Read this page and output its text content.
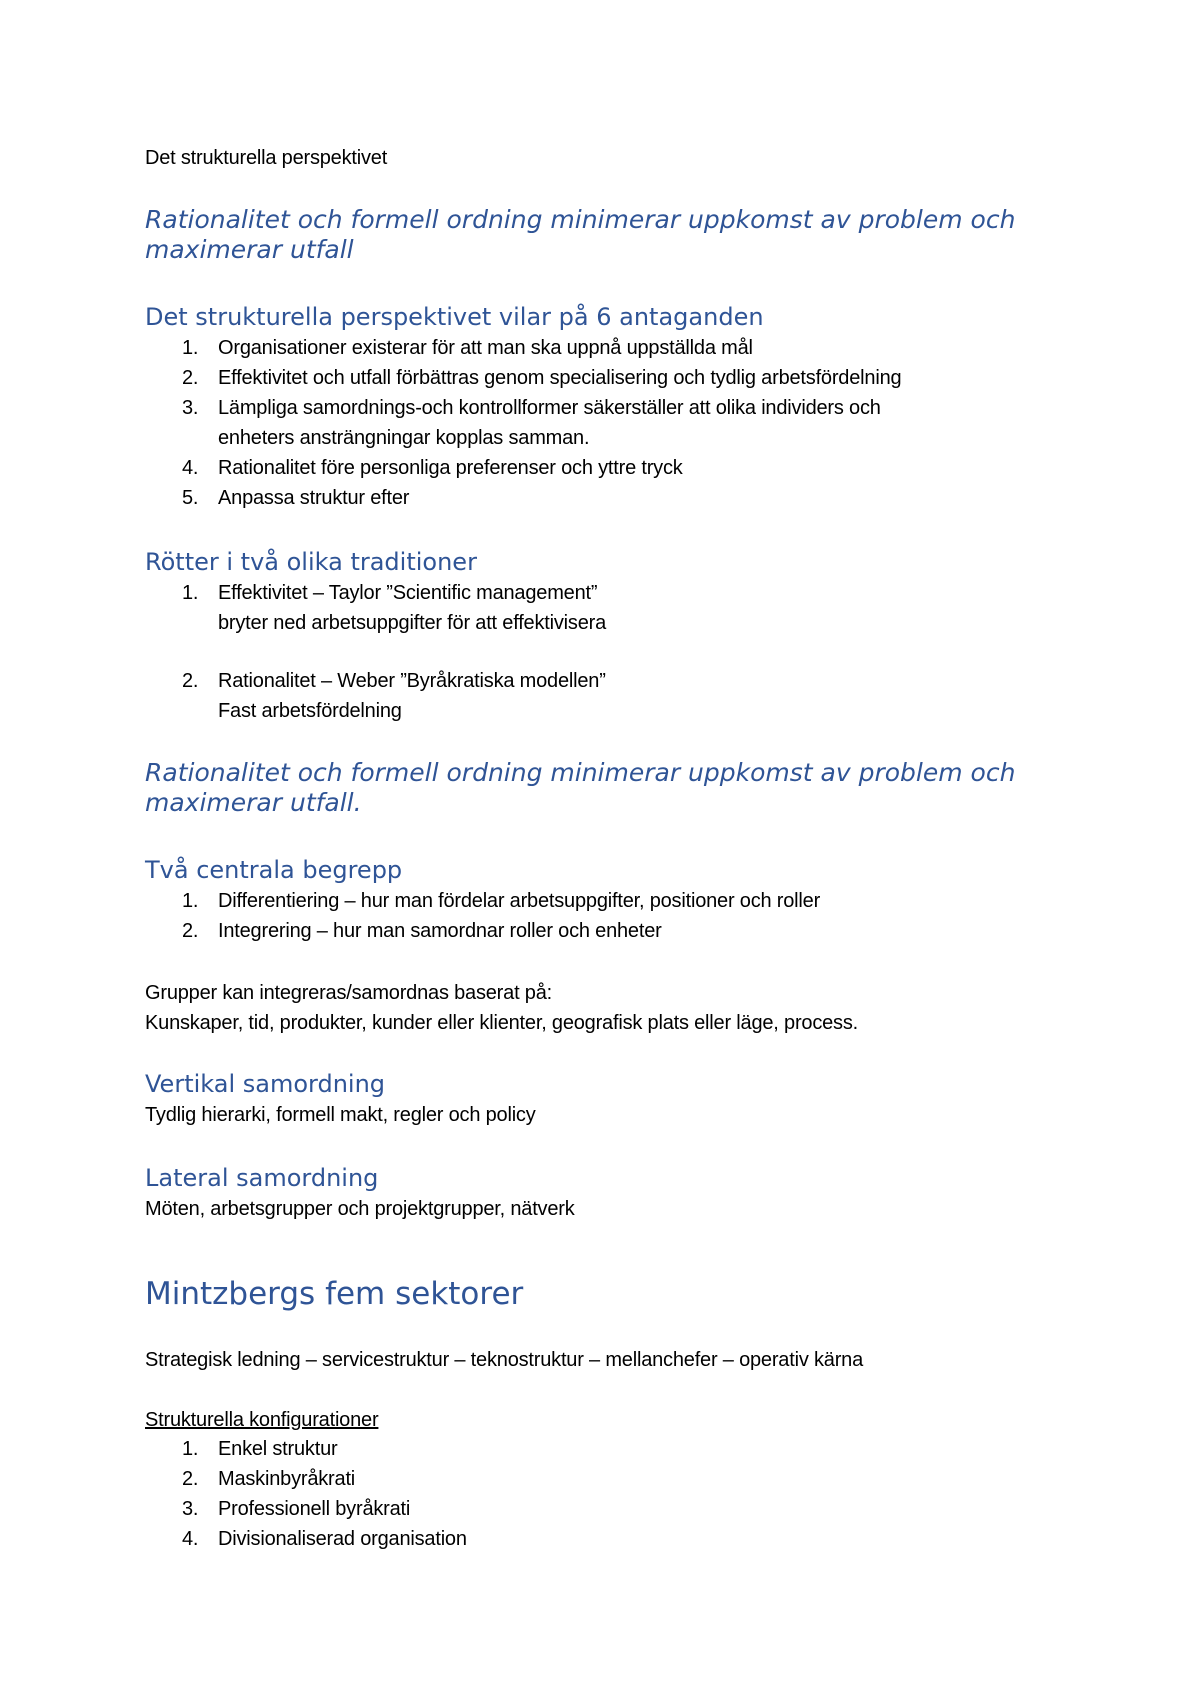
Det strukturella perspektivet
Rationalitet och formell ordning minimerar uppkomst av problem och maximerar utfall
Det strukturella perspektivet vilar på 6 antaganden
1. Organisationer existerar för att man ska uppnå uppställda mål
2. Effektivitet och utfall förbättras genom specialisering och tydlig arbetsfördelning
3. Lämpliga samordnings-och kontrollformer säkerställer att olika individers och enheters ansträngningar kopplas samman.
4. Rationalitet före personliga preferenser och yttre tryck
5. Anpassa struktur efter
Rötter i två olika traditioner
1. Effektivitet – Taylor ”Scientific management”
bryter ned arbetsuppgifter för att effektivisera
2. Rationalitet – Weber ”Byråkratiska modellen”
Fast arbetsfördelning
Rationalitet och formell ordning minimerar uppkomst av problem och maximerar utfall.
Två centrala begrepp
1. Differentiering – hur man fördelar arbetsuppgifter, positioner och roller
2. Integrering – hur man samordnar roller och enheter
Grupper kan integreras/samordnas baserat på:
Kunskaper, tid, produkter, kunder eller klienter, geografisk plats eller läge, process.
Vertikal samordning
Tydlig hierarki, formell makt, regler och policy
Lateral samordning
Möten, arbetsgrupper och projektgrupper, nätverk
Mintzbergs fem sektorer
Strategisk ledning – servicestruktur – teknostruktur – mellanchefer – operativ kärna
Strukturella konfigurationer
1. Enkel struktur
2. Maskinbyråkrati
3. Professionell byråkrati
4. Divisionaliserad organisation
